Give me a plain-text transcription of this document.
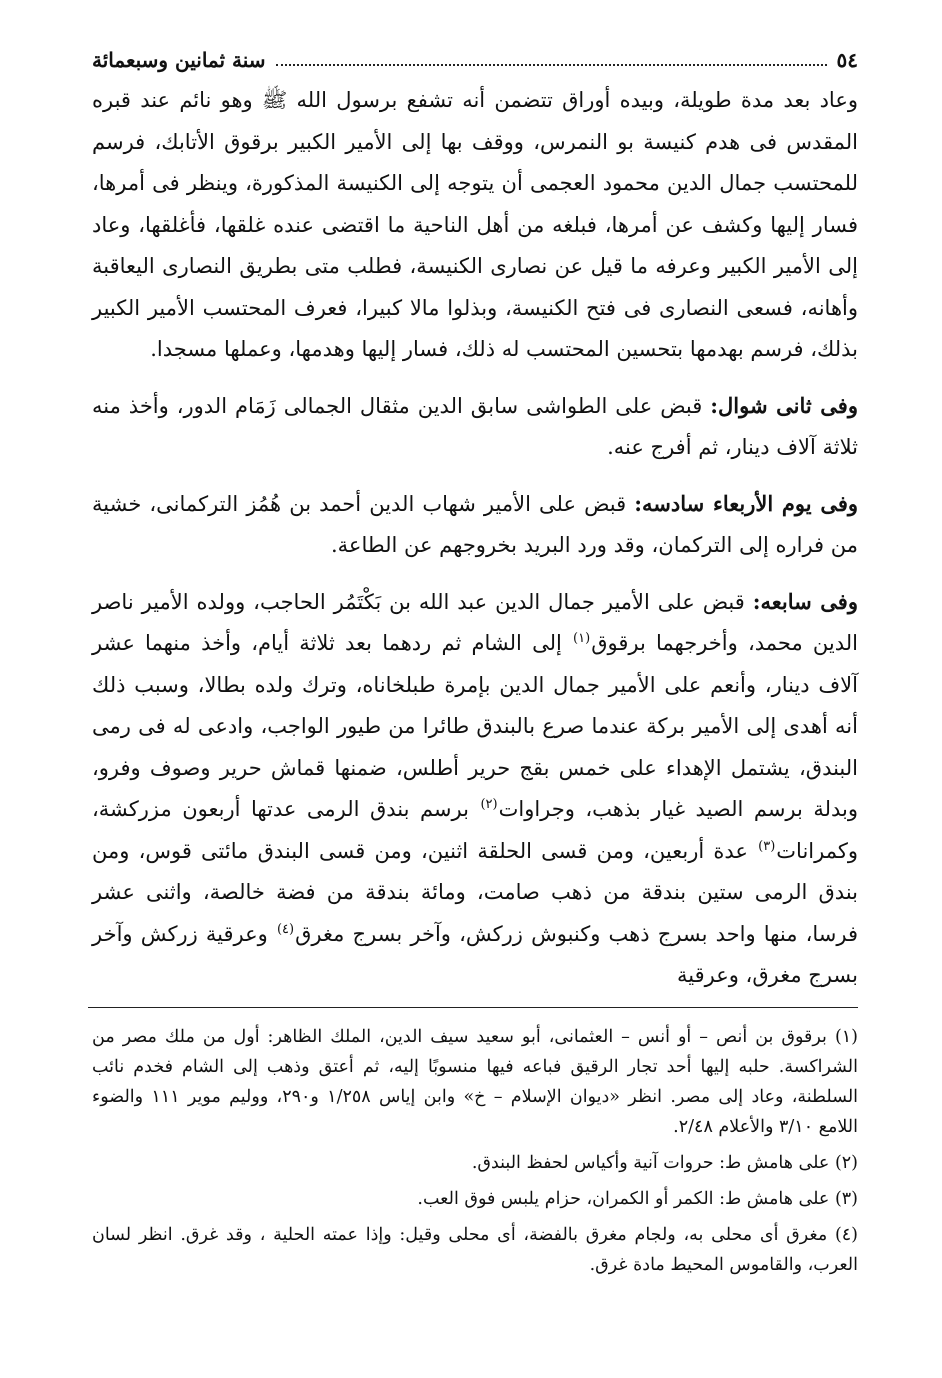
٥٤
سنة ثمانين وسبعمائة

وعاد بعد مدة طويلة، وبيده أوراق تتضمن أنه تشفع برسول الله ﷺ وهو نائم عند قبره المقدس فى هدم كنيسة بو النمرس، ووقف بها إلى الأمير الكبير برقوق الأتابك، فرسم للمحتسب جمال الدين محمود العجمى أن يتوجه إلى الكنيسة المذكورة، وينظر فى أمرها، فسار إليها وكشف عن أمرها، فبلغه من أهل الناحية ما اقتضى عنده غلقها، فأغلقها، وعاد إلى الأمير الكبير وعرفه ما قيل عن نصارى الكنيسة، فطلب متى بطريق النصارى اليعاقبة وأهانه، فسعى النصارى فى فتح الكنيسة، وبذلوا مالا كبيرا، فعرف المحتسب الأمير الكبير بذلك، فرسم بهدمها بتحسين المحتسب له ذلك، فسار إليها وهدمها، وعملها مسجدا.

وفى ثانى شوال: قبض على الطواشى سابق الدين مثقال الجمالى زَمَام الدور، وأخذ منه ثلاثة آلاف دينار، ثم أفرج عنه.

وفى يوم الأربعاء سادسه: قبض على الأمير شهاب الدين أحمد بن هُمُز التركمانى، خشية من فراره إلى التركمان، وقد ورد البريد بخروجهم عن الطاعة.

وفى سابعه: قبض على الأمير جمال الدين عبد الله بن بَكْتَمُر الحاجب، وولده الأمير ناصر الدين محمد، وأخرجهما برقوق$^{(١)}$ إلى الشام ثم ردهما بعد ثلاثة أيام، وأخذ منهما عشر آلاف دينار، وأنعم على الأمير جمال الدين بإمرة طبلخاناه، وترك ولده بطالا، وسبب ذلك أنه أهدى إلى الأمير بركة عندما صرع بالبندق طائرا من طيور الواجب، وادعى له فى رمى البندق، يشتمل الإهداء على خمس بقج حرير أطلس، ضمنها قماش حرير وصوف وفرو، وبدلة برسم الصيد غيار بذهب، وجراوات$^{(٢)}$ برسم بندق الرمى عدتها أربعون مزركشة، وكمرانات$^{(٣)}$ عدة أربعين، ومن قسى الحلقة اثنين، ومن قسى البندق مائتى قوس، ومن بندق الرمى ستين بندقة من ذهب صامت، ومائة بندقة من فضة خالصة، واثنى عشر فرسا، منها واحد بسرج ذهب وكنبوش زركش، وآخر بسرج مغرق$^{(٤)}$ وعرقية زركش وآخر بسرج مغرق، وعرقية

(١) برقوق بن أنص – أو أنس – العثمانى، أبو سعيد سيف الدين، الملك الظاهر: أول من ملك مصر من الشراكسة. حلبه إليها أحد تجار الرقيق فباعه فيها منسوبًا إليه، ثم أعتق وذهب إلى الشام فخدم نائب السلطنة، وعاد إلى مصر. انظر «ديوان الإسلام – خ» وابن إياس ١/٢٥٨ و٢٩٠، ووليم موير ١١١ والضوء اللامع ٣/١٠ والأعلام ٢/٤٨.

(٢) على هامش ط: حروات آنية وأكياس لحفظ البندق.

(٣) على هامش ط: الكمر أو الكمران، حزام يلبس فوق العب.

(٤) مغرق أى محلى به، ولجام مغرق بالفضة، أى محلى وقيل: وإذا عمته الحلية ، وقد غرق. انظر لسان العرب، والقاموس المحيط مادة غرق.
